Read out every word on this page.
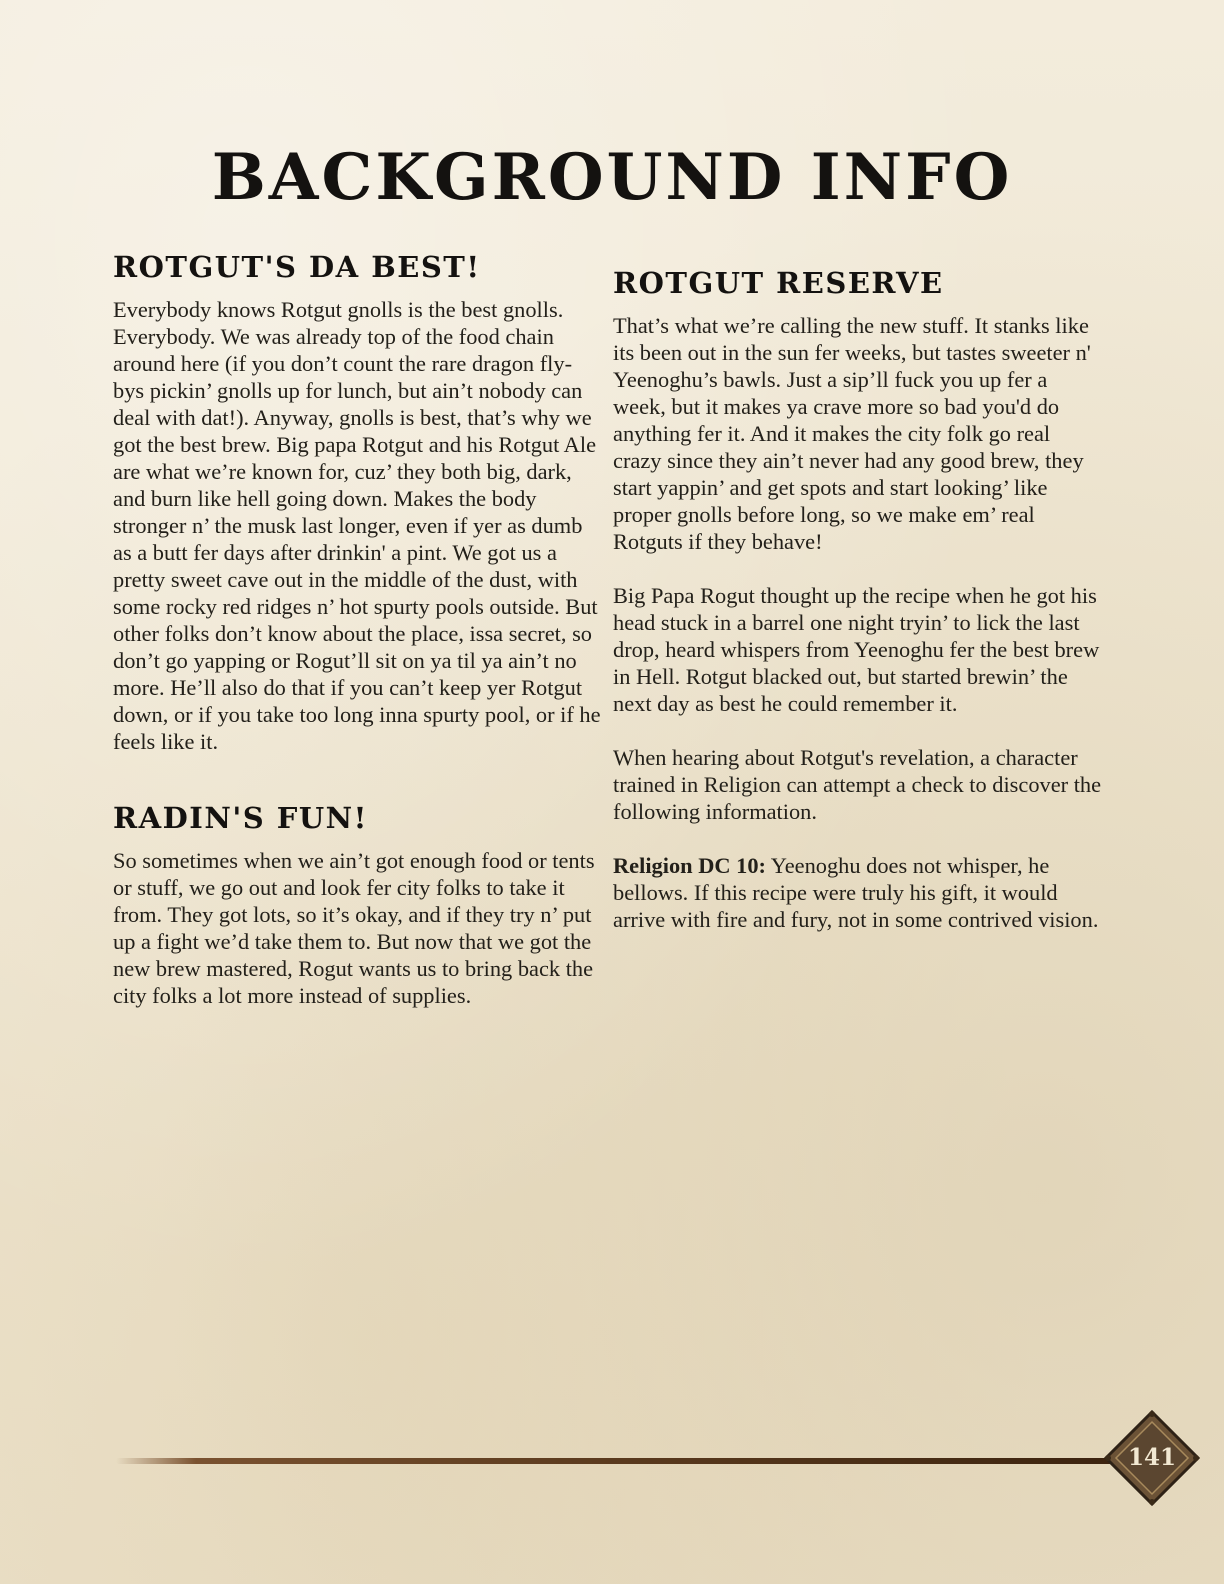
BACKGROUND INFO
ROTGUT'S DA BEST!

Everybody knows Rotgut gnolls is the best gnolls. Everybody. We was already top of the food chain around here (if you don’t count the rare dragon fly-bys pickin’ gnolls up for lunch, but ain’t nobody can deal with dat!). Anyway, gnolls is best, that’s why we got the best brew. Big papa Rotgut and his Rotgut Ale are what we’re known for, cuz’ they both big, dark, and burn like hell going down. Makes the body stronger n’ the musk last longer, even if yer as dumb as a butt fer days after drinkin' a pint. We got us a pretty sweet cave out in the middle of the dust, with some rocky red ridges n’ hot spurty pools outside. But other folks don’t know about the place, issa secret, so don’t go yapping or Rogut’ll sit on ya til ya ain’t no more. He’ll also do that if you can’t keep yer Rotgut down, or if you take too long inna spurty pool, or if he feels like it.

RADIN'S FUN!

So sometimes when we ain’t got enough food or tents or stuff, we go out and look fer city folks to take it from. They got lots, so it’s okay, and if they try n’ put up a fight we’d take them to. But now that we got the new brew mastered, Rogut wants us to bring back the city folks a lot more instead of supplies.

ROTGUT RESERVE

That’s what we’re calling the new stuff. It stanks like its been out in the sun fer weeks, but tastes sweeter n' Yeenoghu’s bawls. Just a sip’ll fuck you up fer a week, but it makes ya crave more so bad you'd do anything fer it. And it makes the city folk go real crazy since they ain’t never had any good brew, they start yappin’ and get spots and start looking’ like proper gnolls before long, so we make em’ real Rotguts if they behave!

Big Papa Rogut thought up the recipe when he got his head stuck in a barrel one night tryin’ to lick the last drop, heard whispers from Yeenoghu fer the best brew in Hell. Rotgut blacked out, but started brewin’ the next day as best he could remember it.

When hearing about Rotgut's revelation, a character trained in Religion can attempt a check to discover the following information.

Religion DC 10: Yeenoghu does not whisper, he bellows. If this recipe were truly his gift, it would arrive with fire and fury, not in some contrived vision.

141
